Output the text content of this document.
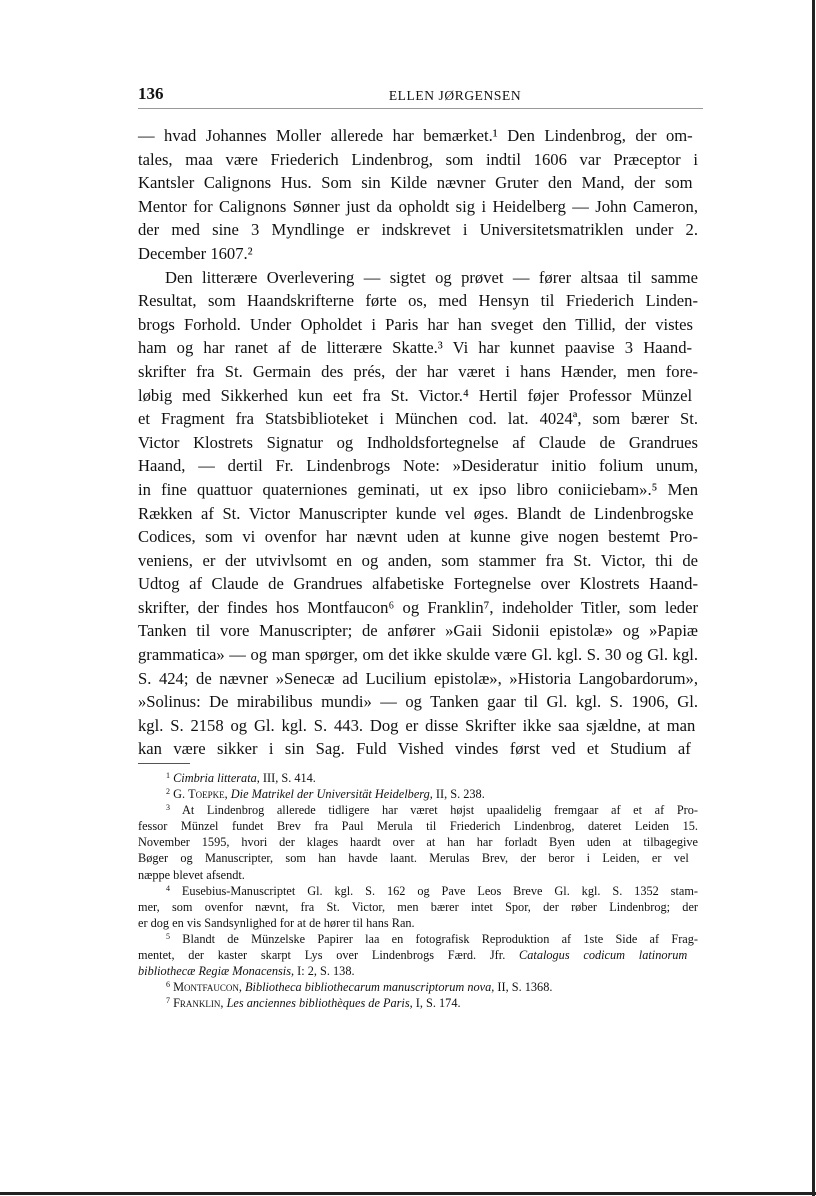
136	ELLEN JØRGENSEN
— hvad Johannes Moller allerede har bemærket.¹ Den Lindenbrog, der om-
tales, maa være Friederich Lindenbrog, som indtil 1606 var Præceptor i
Kantsler Calignons Hus. Som sin Kilde nævner Gruter den Mand, der som
Mentor for Calignons Sønner just da opholdt sig i Heidelberg — John Cameron,
der med sine 3 Myndlinge er indskrevet i Universitetsmatriklen under 2.
December 1607.²
Den litterære Overlevering — sigtet og prøvet — fører altsaa til samme
Resultat, som Haandskrifterne førte os, med Hensyn til Friederich Linden-
brogs Forhold. Under Opholdet i Paris har han sveget den Tillid, der vistes
ham og har ranet af de litterære Skatte.³ Vi har kunnet paavise 3 Haand-
skrifter fra St. Germain des prés, der har været i hans Hænder, men fore-
løbig med Sikkerhed kun eet fra St. Victor.⁴ Hertil føjer Professor Münzel
et Fragment fra Statsbiblioteket i München cod. lat. 4024ª, som bærer St.
Victor Klostrets Signatur og Indholdsfortegnelse af Claude de Grandrues
Haand, — dertil Fr. Lindenbrogs Note: »Desideratur initio folium unum,
in fine quattuor quaterniones geminati, ut ex ipso libro coniiciebam».⁵ Men
Rækken af St. Victor Manuscripter kunde vel øges. Blandt de Lindenbrogske
Codices, som vi ovenfor har nævnt uden at kunne give nogen bestemt Pro-
veniens, er der utvivlsomt en og anden, som stammer fra St. Victor, thi de
Udtog af Claude de Grandrues alfabetiske Fortegnelse over Klostrets Haand-
skrifter, der findes hos Montfaucon⁶ og Franklin⁷, indeholder Titler, som leder
Tanken til vore Manuscripter; de anfører »Gaii Sidonii epistolæ» og »Papiæ
grammatica» — og man spørger, om det ikke skulde være Gl. kgl. S. 30 og Gl. kgl.
S. 424; de nævner »Senecæ ad Lucilium epistolæ», »Historia Langobardorum»,
»Solinus: De mirabilibus mundi» — og Tanken gaar til Gl. kgl. S. 1906, Gl.
kgl. S. 2158 og Gl. kgl. S. 443. Dog er disse Skrifter ikke saa sjældne, at man
kan være sikker i sin Sag. Fuld Vished vindes først ved et Studium af
$^1$ Cimbria litterata, III, S. 414.
$^2$ G. Toepke, Die Matrikel der Universität Heidelberg, II, S. 238.
$^3$ At Lindenbrog allerede tidligere har været højst upaalidelig fremgaar af et af Pro-
fessor Münzel fundet Brev fra Paul Merula til Friederich Lindenbrog, dateret Leiden 15.
November 1595, hvori der klages haardt over at han har forladt Byen uden at tilbagegive
Bøger og Manuscripter, som han havde laant. Merulas Brev, der beror i Leiden, er vel
næppe blevet afsendt.
$^4$ Eusebius-Manuscriptet Gl. kgl. S. 162 og Pave Leos Breve Gl. kgl. S. 1352 stam-
mer, som ovenfor nævnt, fra St. Victor, men bærer intet Spor, der røber Lindenbrog; der
er dog en vis Sandsynlighed for at de hører til hans Ran.
$^5$ Blandt de Münzelske Papirer laa en fotografisk Reproduktion af 1ste Side af Frag-
mentet, der kaster skarpt Lys over Lindenbrogs Færd. Jfr. Catalogus codicum latinorum
bibliothecæ Regiæ Monacensis, I: 2, S. 138.
$^6$ Montfaucon, Bibliotheca bibliothecarum manuscriptorum nova, II, S. 1368.
$^7$ Franklin, Les anciennes bibliothèques de Paris, I, S. 174.
